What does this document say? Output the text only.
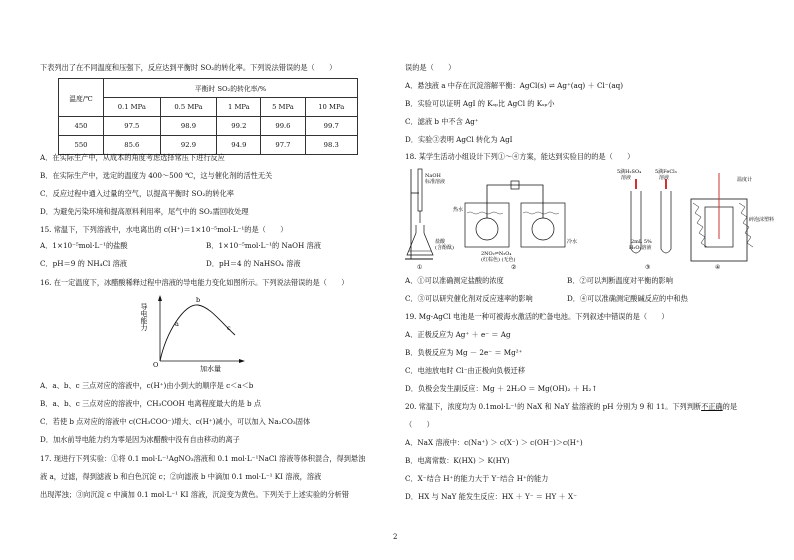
下表列出了在不同温度和压强下，反应达到平衡时 SO₂的转化率。下列说法错误的是（　　）
温度/℃	平衡时 SO₂的转化率/%				
	0.1 MPa	0.5 MPa	1 MPa	5 MPa	10 MPa
450	97.5	98.9	99.2	99.6	99.7
550	85.6	92.9	94.9	97.7	98.3
A．在实际生产中，从成本的角度考虑选择常压下进行反应
B．在实际生产中，选定的温度为 400～500 ℃，这与催化剂的活性无关
C．反应过程中通入过量的空气，以提高平衡时 SO₂的转化率
D．为避免污染环境和提高原料利用率，尾气中的 SO₂需回收处理
15. 常温下，下列溶液中，水电离出的 c(H⁺)＝1×10⁻⁵mol·L⁻¹的是（　　）
A．1×10⁻⁵mol·L⁻¹的盐酸	B．1×10⁻⁵mol·L⁻¹的 NaOH 溶液
C．pH＝9 的 NH₄Cl 溶液	D．pH＝4 的 NaHSO₄ 溶液
16. 在一定温度下，冰醋酸稀释过程中溶液的导电能力变化如图所示。下列说法错误的是（　　）
导电能力
加水量
O
a
b
c
A．a、b、c 三点对应的溶液中，c(H⁺)由小到大的顺序是 c＜a＜b
B．a、b、c 三点对应的溶液中，CH₃COOH 电离程度最大的是 b 点
C．若使 b 点对应的溶液中 c(CH₃COO⁻)增大、c(H⁺)减小，可以加入 Na₂CO₃固体
D．加水前导电能力约为零是因为冰醋酸中没有自由移动的离子
17. 现进行下列实验：①将 0.1 mol·L⁻¹AgNO₃溶液和 0.1 mol·L⁻¹NaCl 溶液等体积混合，得到悬浊
液 a，过滤，得到滤液 b 和白色沉淀 c；②向滤液 b 中滴加 0.1 mol·L⁻¹ KI 溶液，溶液
出现浑浊；③向沉淀 c 中滴加 0.1 mol·L⁻¹ KI 溶液，沉淀变为黄色。下列关于上述实验的分析错
误的是（　　）
A．悬浊液 a 中存在沉淀溶解平衡：AgCl(s) ⇌ Ag⁺(aq) ＋ Cl⁻(aq)
B．实验可以证明 AgI 的 Kₛₚ比 AgCl 的 Kₛₚ小
C．滤液 b 中不含 Ag⁺
D．实验③表明 AgCl 转化为 AgI
18. 某学生活动小组设计下列①～④方案，能达到实验目的的是（　　）
NaOH
标准溶液
盐酸
(含酚酞)
2NO₂⇌N₂O₄
(红棕色) (无色)
热水
冷水
5滴H₂SO₄
溶液
5滴FeCl₃
溶液
2mL 5%
H₂O₂溶液
温度计
碎泡沫塑料
①	②	③	④
A．①可以准确测定盐酸的浓度	B．②可以判断温度对平衡的影响
C．③可以研究催化剂对反应速率的影响	D．④可以准确测定酸碱反应的中和热
19. Mg-AgCl 电池是一种可被海水激活的贮备电池。下列叙述中错误的是（　　）
A．正极反应为 Ag⁺ ＋ e⁻ ＝ Ag
B．负极反应为 Mg － 2e⁻ ＝ Mg²⁺
C．电池放电时 Cl⁻由正极向负极迁移
D．负极会发生副反应：Mg ＋ 2H₂O ＝ Mg(OH)₂ ＋ H₂↑
20. 常温下，浓度均为 0.1mol·L⁻¹的 NaX 和 NaY 盐溶液的 pH 分别为 9 和 11。下列判断不正确的是
（　　）
A．NaX 溶液中：c(Na⁺) ＞ c(X⁻) ＞ c(OH⁻)＞c(H⁺)
B．电离常数：K(HX) ＞ K(HY)
C．X⁻结合 H⁺的能力大于 Y⁻结合 H⁺的能力
D．HX 与 NaY 能发生反应：HX ＋ Y⁻ ＝ HY ＋ X⁻
2
